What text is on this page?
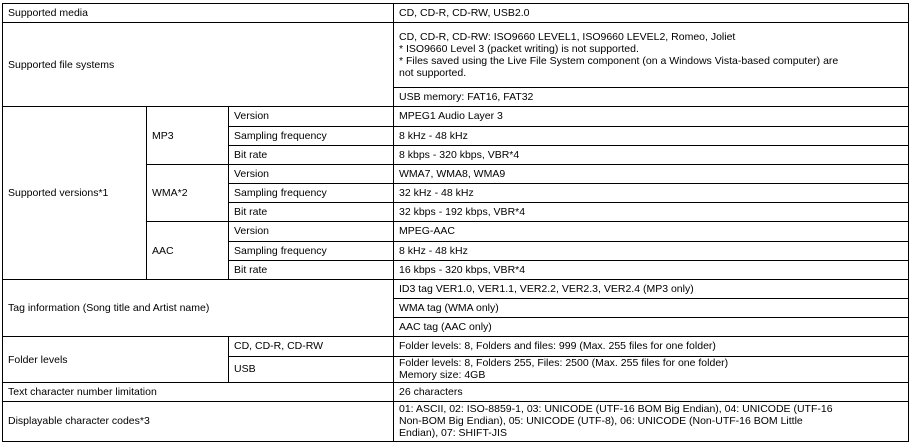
Supported media			CD, CD-R, CD-RW, USB2.0
Supported file systems			CD, CD-R, CD-RW: ISO9660 LEVEL1, ISO9660 LEVEL2, Romeo, Joliet
* ISO9660 Level 3 (packet writing) is not supported.
* Files saved using the Live File System component (on a Windows Vista-based computer) are
not supported.

			USB memory: FAT16, FAT32
Supported versions*1	MP3	Version	MPEG1 Audio Layer 3
		Sampling frequency	8 kHz - 48 kHz
		Bit rate	8 kbps - 320 kbps, VBR*4
	WMA*2	Version	WMA7, WMA8, WMA9
		Sampling frequency	32 kHz - 48 kHz
		Bit rate	32 kbps - 192 kbps, VBR*4
	AAC	Version	MPEG-AAC
		Sampling frequency	8 kHz - 48 kHz
		Bit rate	16 kbps - 320 kbps, VBR*4
Tag information (Song title and Artist name)			ID3 tag VER1.0, VER1.1, VER2.2, VER2.3, VER2.4 (MP3 only)
			WMA tag (WMA only)
			AAC tag (AAC only)
Folder levels		CD, CD-R, CD-RW	Folder levels: 8, Folders and files: 999 (Max. 255 files for one folder)
		USB	Folder levels: 8, Folders 255, Files: 2500 (Max. 255 files for one folder)
Memory size: 4GB

Text character number limitation			26 characters
Displayable character codes*3			01: ASCII, 02: ISO-8859-1, 03: UNICODE (UTF-16 BOM Big Endian), 04: UNICODE (UTF-16
Non-BOM Big Endian), 05: UNICODE (UTF-8), 06: UNICODE (Non-UTF-16 BOM Little
Endian), 07: SHIFT-JIS
